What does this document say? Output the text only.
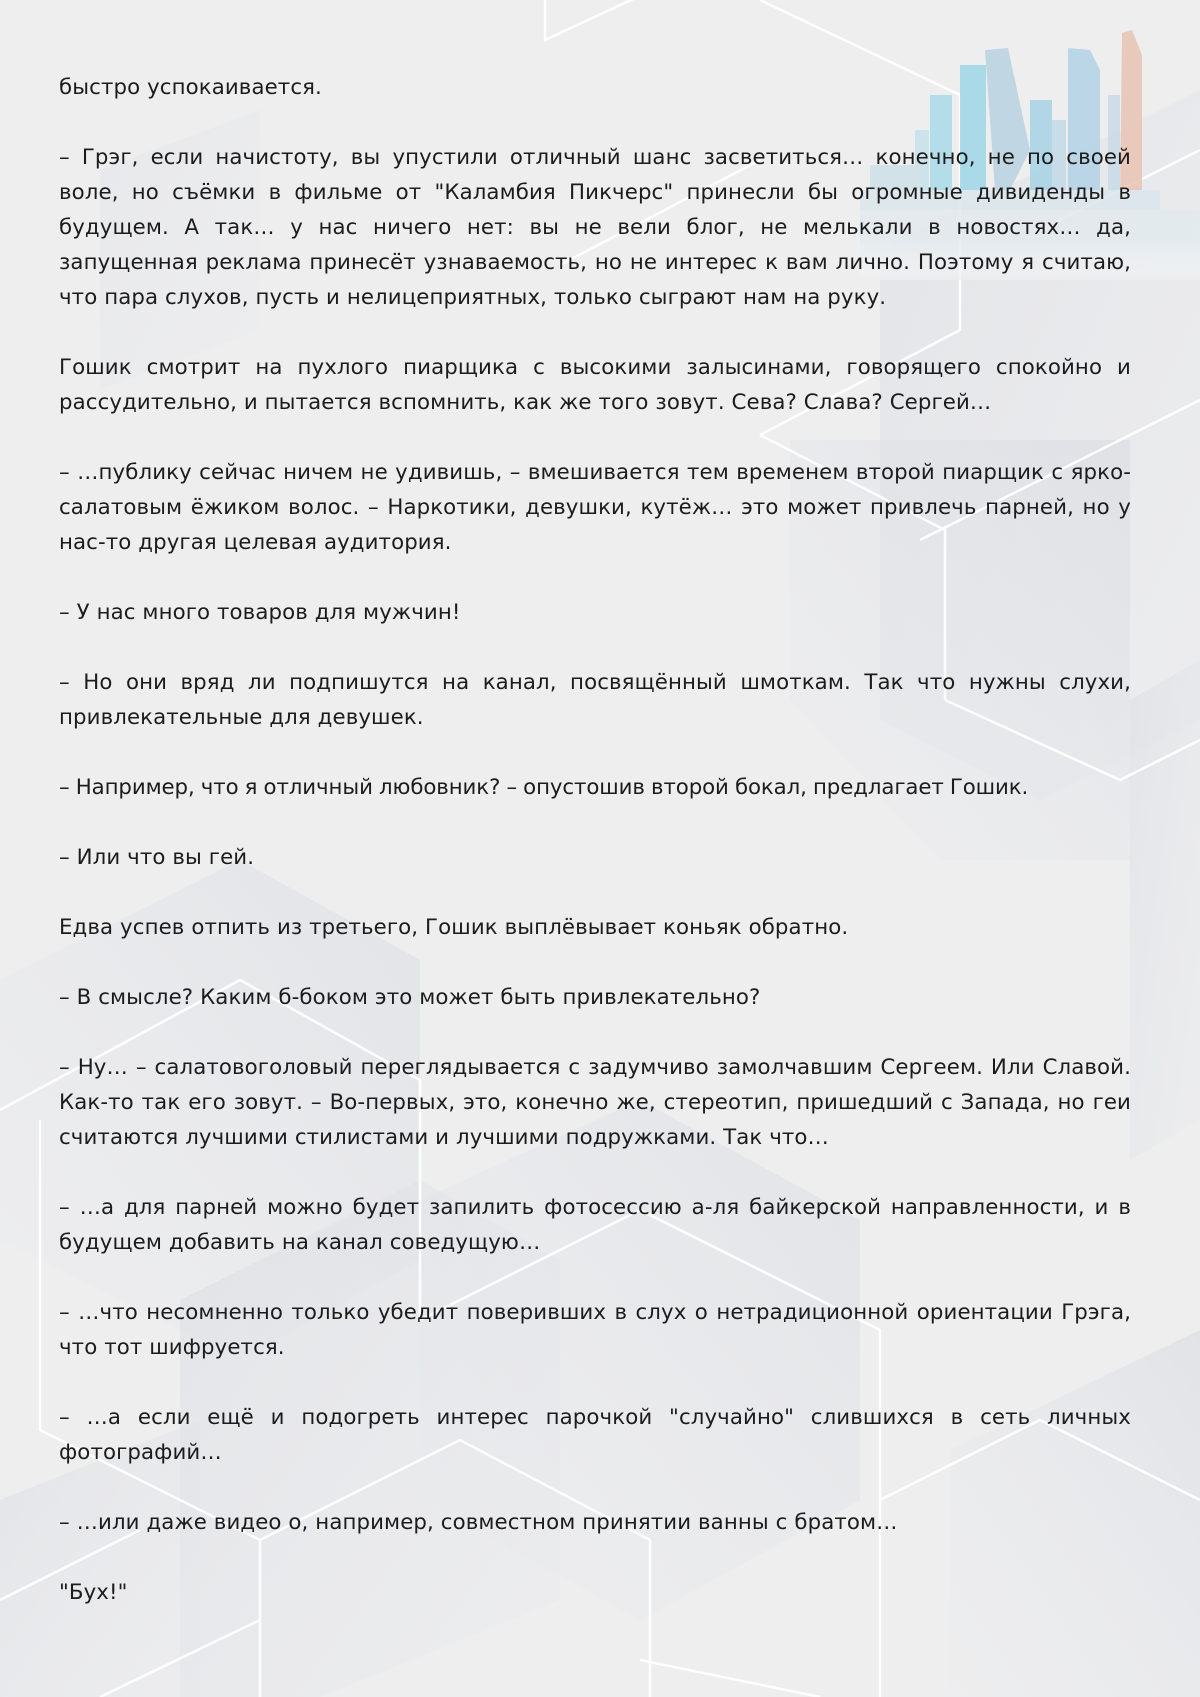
быстро успокаивается.

– Грэг, если начистоту, вы упустили отличный шанс засветиться… конечно, не по своей воле, но съёмки в фильме от "Каламбия Пикчерс" принесли бы огромные дивиденды в будущем. А так… у нас ничего нет: вы не вели блог, не мелькали в новостях… да, запущенная реклама принесёт узнаваемость, но не интерес к вам лично. Поэтому я считаю, что пара слухов, пусть и нелицеприятных, только сыграют нам на руку.

Гошик смотрит на пухлого пиарщика с высокими залысинами, говорящего спокойно и рассудительно, и пытается вспомнить, как же того зовут. Сева? Слава? Сергей…

– …публику сейчас ничем не удивишь, – вмешивается тем временем второй пиарщик с ярко-салатовым ёжиком волос. – Наркотики, девушки, кутёж… это может привлечь парней, но у нас-то другая целевая аудитория.

– У нас много товаров для мужчин!

– Но они вряд ли подпишутся на канал, посвящённый шмоткам. Так что нужны слухи, привлекательные для девушек.

– Например, что я отличный любовник? – опустошив второй бокал, предлагает Гошик.

– Или что вы гей.

Едва успев отпить из третьего, Гошик выплёвывает коньяк обратно.

– В смысле? Каким б-боком это может быть привлекательно?

– Ну… – салатовоголовый переглядывается с задумчиво замолчавшим Сергеем. Или Славой. Как-то так его зовут. – Во-первых, это, конечно же, стереотип, пришедший с Запада, но геи считаются лучшими стилистами и лучшими подружками. Так что…

– …а для парней можно будет запилить фотосессию а-ля байкерской направленности, и в будущем добавить на канал соведущую…

– …что несомненно только убедит поверивших в слух о нетрадиционной ориентации Грэга, что тот шифруется.

– …а если ещё и подогреть интерес парочкой "случайно" слившихся в сеть личных фотографий…

– …или даже видео о, например, совместном принятии ванны с братом…

"Бух!"
